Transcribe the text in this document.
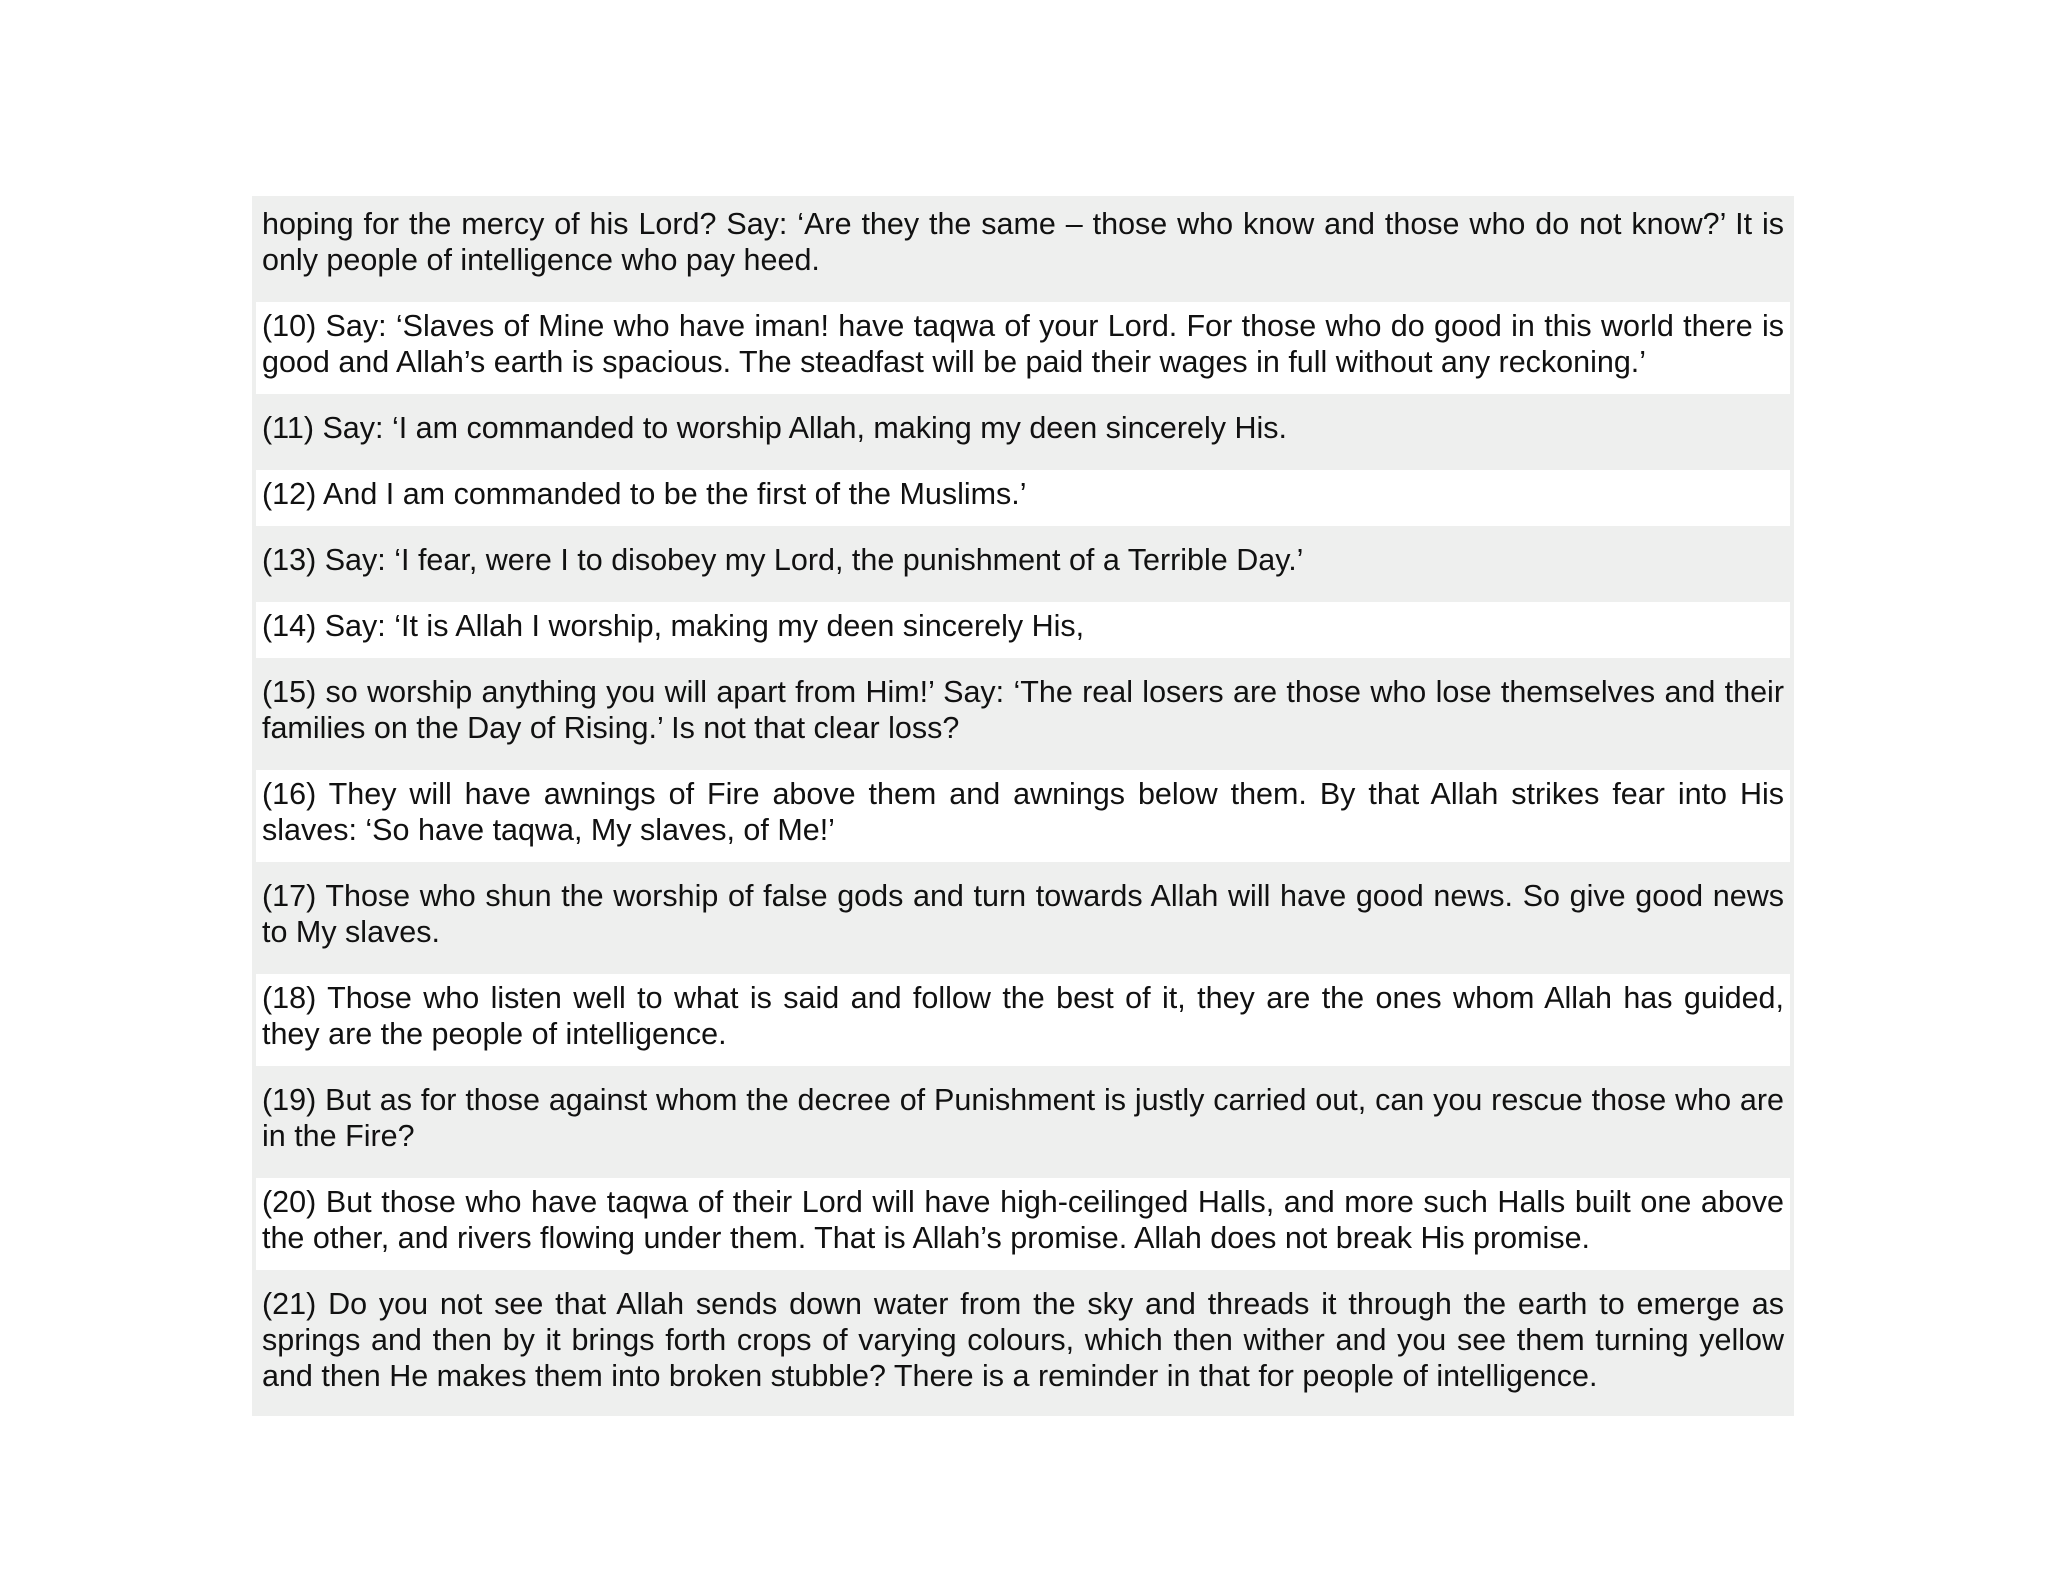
hoping for the mercy of his Lord? Say: ‘Are they the same – those who know and those who do not know?’ It is only people of intelligence who pay heed.
(10) Say: ‘Slaves of Mine who have iman! have taqwa of your Lord. For those who do good in this world there is good and Allah’s earth is spacious. The steadfast will be paid their wages in full without any reckoning.’
(11) Say: ‘I am commanded to worship Allah, making my deen sincerely His.
(12) And I am commanded to be the first of the Muslims.’
(13) Say: ‘I fear, were I to disobey my Lord, the punishment of a Terrible Day.’
(14) Say: ‘It is Allah I worship, making my deen sincerely His,
(15) so worship anything you will apart from Him!’ Say: ‘The real losers are those who lose themselves and their families on the Day of Rising.’ Is not that clear loss?
(16) They will have awnings of Fire above them and awnings below them. By that Allah strikes fear into His slaves: ‘So have taqwa, My slaves, of Me!’
(17) Those who shun the worship of false gods and turn towards Allah will have good news. So give good news to My slaves.
(18) Those who listen well to what is said and follow the best of it, they are the ones whom Allah has guided, they are the people of intelligence.
(19) But as for those against whom the decree of Punishment is justly carried out, can you rescue those who are in the Fire?
(20) But those who have taqwa of their Lord will have high-ceilinged Halls, and more such Halls built one above the other, and rivers flowing under them. That is Allah’s promise. Allah does not break His promise.
(21) Do you not see that Allah sends down water from the sky and threads it through the earth to emerge as springs and then by it brings forth crops of varying colours, which then wither and you see them turning yellow and then He makes them into broken stubble? There is a reminder in that for people of intelligence.
